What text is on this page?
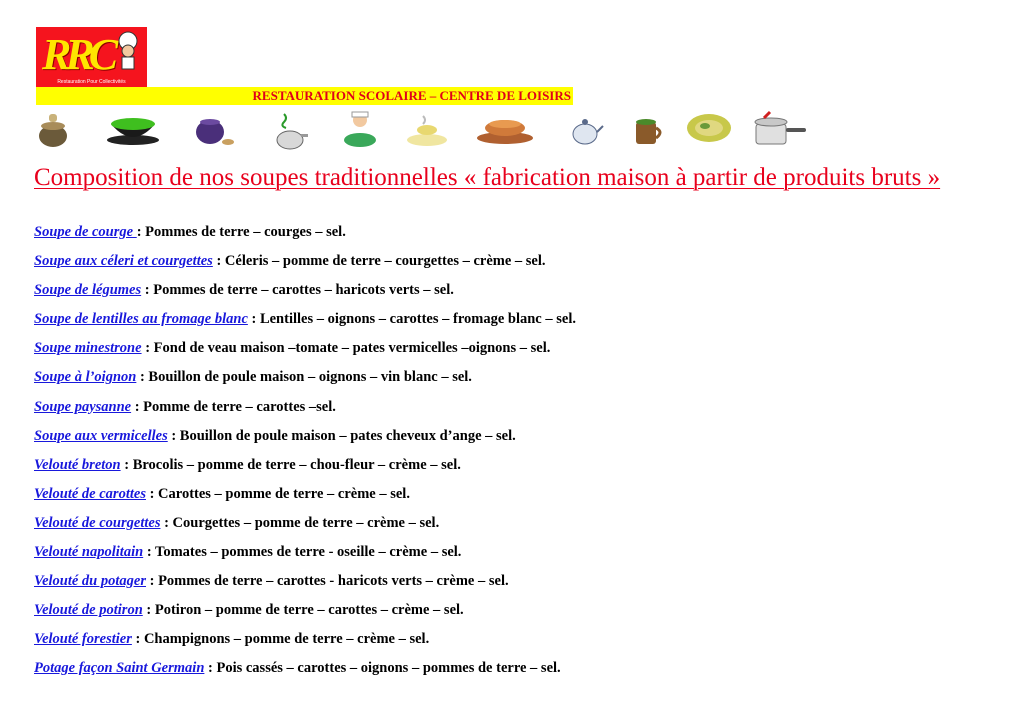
RRC
Restauration Pour Collectivités
RESTAURATION SCOLAIRE – CENTRE DE LOISIRS
Composition de nos soupes traditionnelles « fabrication maison à partir de produits bruts »
Soupe de courge : Pommes de terre – courges – sel.
Soupe aux céleri et courgettes : Céleris – pomme de terre – courgettes – crème – sel.
Soupe de légumes : Pommes de terre – carottes – haricots verts – sel.
Soupe de lentilles au fromage blanc : Lentilles – oignons – carottes – fromage blanc – sel.
Soupe minestrone : Fond de veau maison –tomate – pates vermicelles –oignons – sel.
Soupe à l’oignon : Bouillon de poule maison – oignons – vin blanc – sel.
Soupe paysanne : Pomme de terre – carottes –sel.
Soupe aux vermicelles : Bouillon de poule maison – pates cheveux d’ange – sel.
Velouté breton : Brocolis – pomme de terre – chou-fleur – crème – sel.
Velouté de carottes : Carottes – pomme de terre – crème – sel.
Velouté de courgettes : Courgettes – pomme de terre – crème – sel.
Velouté napolitain : Tomates – pommes de terre - oseille – crème – sel.
Velouté du potager : Pommes de terre – carottes - haricots verts – crème – sel.
Velouté de potiron : Potiron – pomme de terre – carottes – crème – sel.
Velouté forestier : Champignons – pomme de terre – crème – sel.
Potage façon Saint Germain : Pois cassés – carottes – oignons – pommes de terre – sel.
